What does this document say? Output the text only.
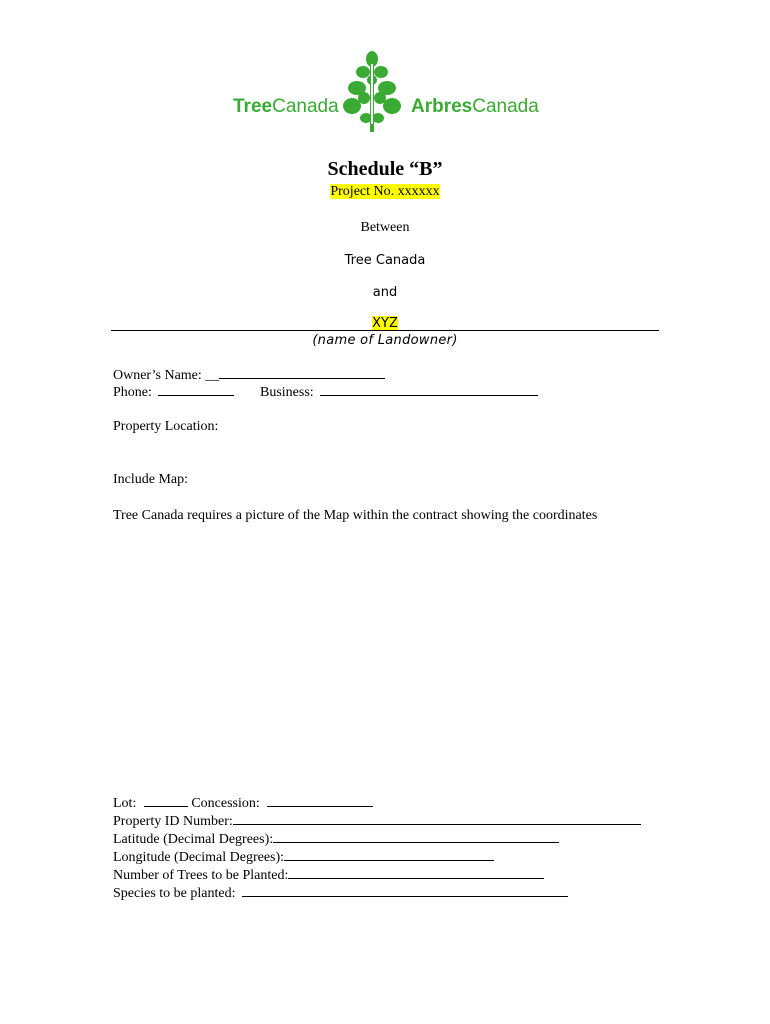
TreeCanada	ArbresCanada
Schedule “B”
Project No. xxxxxx
Between
Tree Canada
and
XYZ
(name of Landowner)
Owner’s Name: __
Phone:	Business:
Property Location:
Include Map:
Tree Canada requires a picture of the Map within the contract showing the coordinates
Lot:	Concession:
Property ID Number:
Latitude (Decimal Degrees):
Longitude (Decimal Degrees):
Number of Trees to be Planted:
Species to be planted:
